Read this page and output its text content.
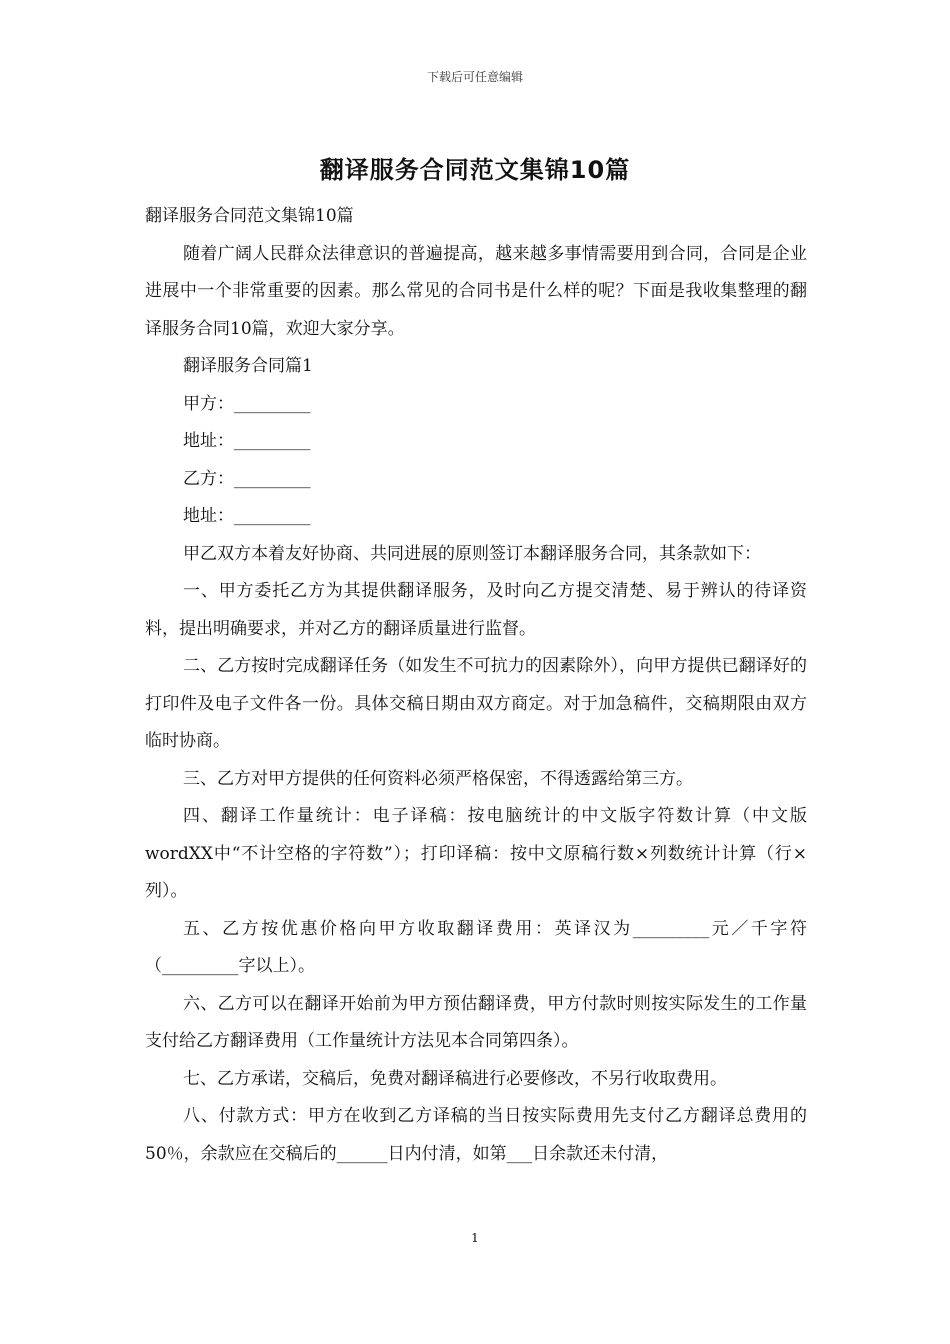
下载后可任意编辑
翻译服务合同范文集锦10篇

翻译服务合同范文集锦10篇

随着广阔人民群众法律意识的普遍提高，越来越多事情需要用到合同，合同是企业进展中一个非常重要的因素。那么常见的合同书是什么样的呢？下面是我收集整理的翻译服务合同10篇，欢迎大家分享。

翻译服务合同篇1

甲方：_________

地址：_________

乙方：_________

地址：_________

甲乙双方本着友好协商、共同进展的原则签订本翻译服务合同，其条款如下：

一、甲方委托乙方为其提供翻译服务，及时向乙方提交清楚、易于辨认的待译资料，提出明确要求，并对乙方的翻译质量进行监督。

二、乙方按时完成翻译任务（如发生不可抗力的因素除外），向甲方提供已翻译好的打印件及电子文件各一份。具体交稿日期由双方商定。对于加急稿件，交稿期限由双方临时协商。

三、乙方对甲方提供的任何资料必须严格保密，不得透露给第三方。

四、翻译工作量统计：电子译稿：按电脑统计的中文版字符数计算（中文版wordXX中“不计空格的字符数”）；打印译稿：按中文原稿行数×列数统计计算（行×列）。

五、乙方按优惠价格向甲方收取翻译费用：英译汉为_________元／千字符（_________字以上）。

六、乙方可以在翻译开始前为甲方预估翻译费，甲方付款时则按实际发生的工作量支付给乙方翻译费用（工作量统计方法见本合同第四条）。

七、乙方承诺，交稿后，免费对翻译稿进行必要修改，不另行收取费用。

八、付款方式：甲方在收到乙方译稿的当日按实际费用先支付乙方翻译总费用的50％，余款应在交稿后的______日内付清，如第___日余款还未付清，

1
